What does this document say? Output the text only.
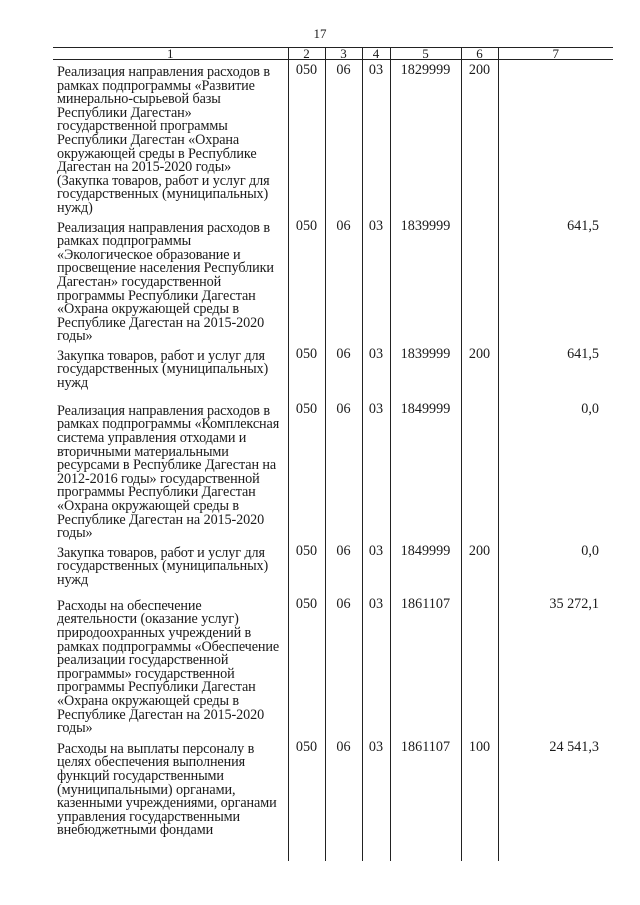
17
1	2	3	4	5	6	7

Реализация направления расходов в рамках подпрограммы «Развитие минерально-сырьевой базы Республики Дагестан» государственной программы Республики Дагестан «Охрана окружающей среды в Республике Дагестан на 2015-2020 годы» (Закупка товаров, работ и услуг для государственных (муниципальных) нужд)	050	06	03	1829999	200	

Реализация направления расходов в рамках подпрограммы «Экологическое образование и просвещение населения Республики Дагестан» государственной программы Республики Дагестан «Охрана окружающей среды в Республике Дагестан на 2015-2020 годы»	050	06	03	1839999		641,5

Закупка товаров, работ и услуг для государственных (муниципальных) нужд	050	06	03	1839999	200	641,5

Реализация направления расходов в рамках подпрограммы «Комплексная система управления отходами и вторичными материальными ресурсами в Республике Дагестан на 2012-2016 годы» государственной программы Республики Дагестан «Охрана окружающей среды в Республике Дагестан на 2015-2020 годы»	050	06	03	1849999		0,0

Закупка товаров, работ и услуг для государственных (муниципальных) нужд	050	06	03	1849999	200	0,0

Расходы на обеспечение деятельности (оказание услуг) природоохранных учреждений в рамках подпрограммы «Обеспечение реализации государственной программы» государственной программы Республики Дагестан «Охрана окружающей среды в Республике Дагестан на 2015-2020 годы»	050	06	03	1861107		35 272,1

Расходы на выплаты персоналу в целях обеспечения выполнения функций государственными (муниципальными) органами, казенными учреждениями, органами управления государственными внебюджетными фондами	050	06	03	1861107	100	24 541,3
